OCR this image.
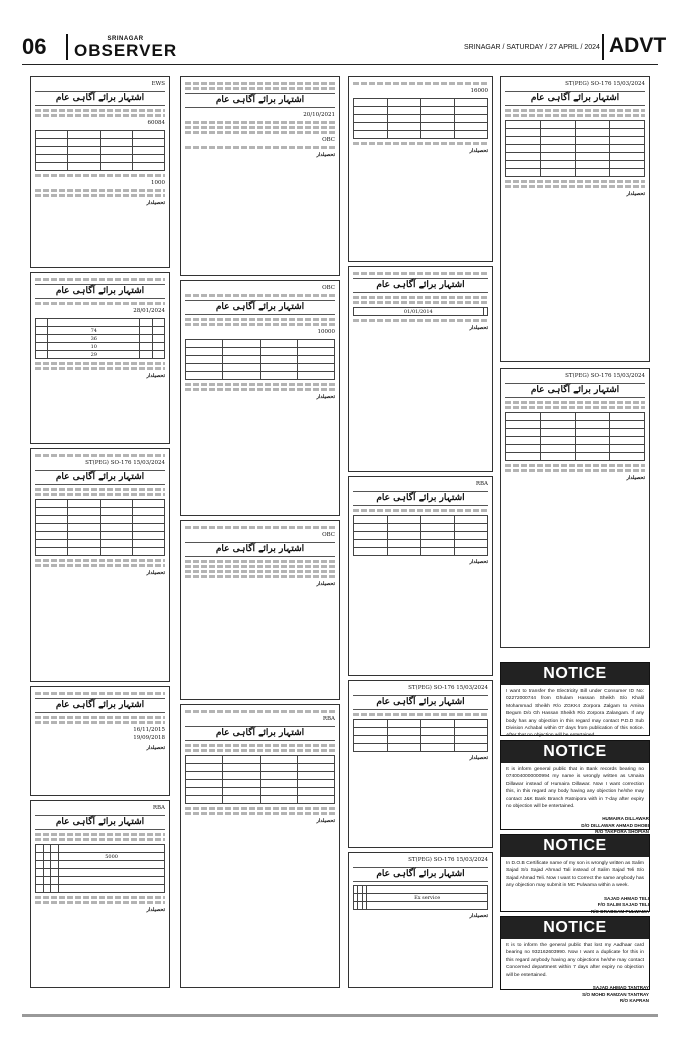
06	SRINAGAR
OBSERVER	SRINAGAR / SATURDAY / 27 APRIL / 2024 ADVT
EWS
اشتہار برائے آگاہی عام
60084

1000
تحصیلدار
اشتہار برائے آگاہی عام
28/01/2024

		74	
		36	
		10	
		29	
تحصیلدار
ST(PEG) SO-176 15/03/2024
اشتہار برائے آگاہی عام

تحصیلدار
اشتہار برائے آگاہی عام
16/11/2015
19/09/2018
تحصیلدار
RBA
اشتہار برائے آگاہی عام

5000			

تحصیلدار
اشتہار برائے آگاہی عام
20/10/2021
OBC
تحصیلدار
OBC
اشتہار برائے آگاہی عام
10000

تحصیلدار
OBC
اشتہار برائے آگاہی عام
تحصیلدار
RBA
اشتہار برائے آگاہی عام

تحصیلدار
16000

تحصیلدار
اشتہار برائے آگاہی عام
	01/01/2014
تحصیلدار
RBA
اشتہار برائے آگاہی عام

تحصیلدار
ST(PEG) SO-176 15/03/2024
اشتہار برائے آگاہی عام

تحصیلدار
ST(PEG) SO-176 15/03/2024
اشتہار برائے آگاہی عام

Ex service			

تحصیلدار
ST(PEG) SO-176 15/03/2024
اشتہار برائے آگاہی عام

تحصیلدار
ST(PEG) SO-176 15/03/2024
اشتہار برائے آگاہی عام

تحصیلدار
NOTICE
I want to transfer the Electricity Bill under Consumer ID No: 02272000744 from Ghulam Hassan Sheikh S/o Khalil Mohammad Sheikh R/o ZGKK4 Zorpora Zalgam to Amina Begum D/o Gh Hassan Sheikh R/o Zorpora Zalangam. If any body has any objection in this regard may contact P.D.D Sub Division Achabal within 07 days from publication of this notice. After that no objection will be entertained.
NOTICE
It is inform general public that in Bank records bearing no 0740040000000994 my name is wrongly written as Umaira Dillawar instead of Humaira Dillawar. Now I want correction this, in this regard any body having any objection he/she may contact J&K Bank Branch Ratnipora with in 7-day after expiry no objection will be entertained.
HUMAIRA DILLAWAR
D/O DILLAWAR AHMAD DHOBI
R/O TAKPORA SHOPIAN
NOTICE
In D.O.B Certificate name of my son is wrongly written as Salim Sajad S/o Sajad Ahmad Tali instead of Salim Sajad Teli S/o Sajad Ahmad Teli. Now I want to Correct the same anybody has any objection may submit in MC Pulwama within a week.
SAJAD AHMAD TELI
F/O SALIM SAJAD TELI
R/O DRABGAM PULWAMA
NOTICE
It is to inform the general public that lost my Aadhaar card bearing no 932162603990. Now I want a duplicate for this in this regard anybody having any objections he/she may contact Concerned department within 7 days after expiry no objection will be entertained.
SAJAD AHMAD TANTRAY
S/O MOHD RAMZAN TANTRAY
R/O KAPRAN
